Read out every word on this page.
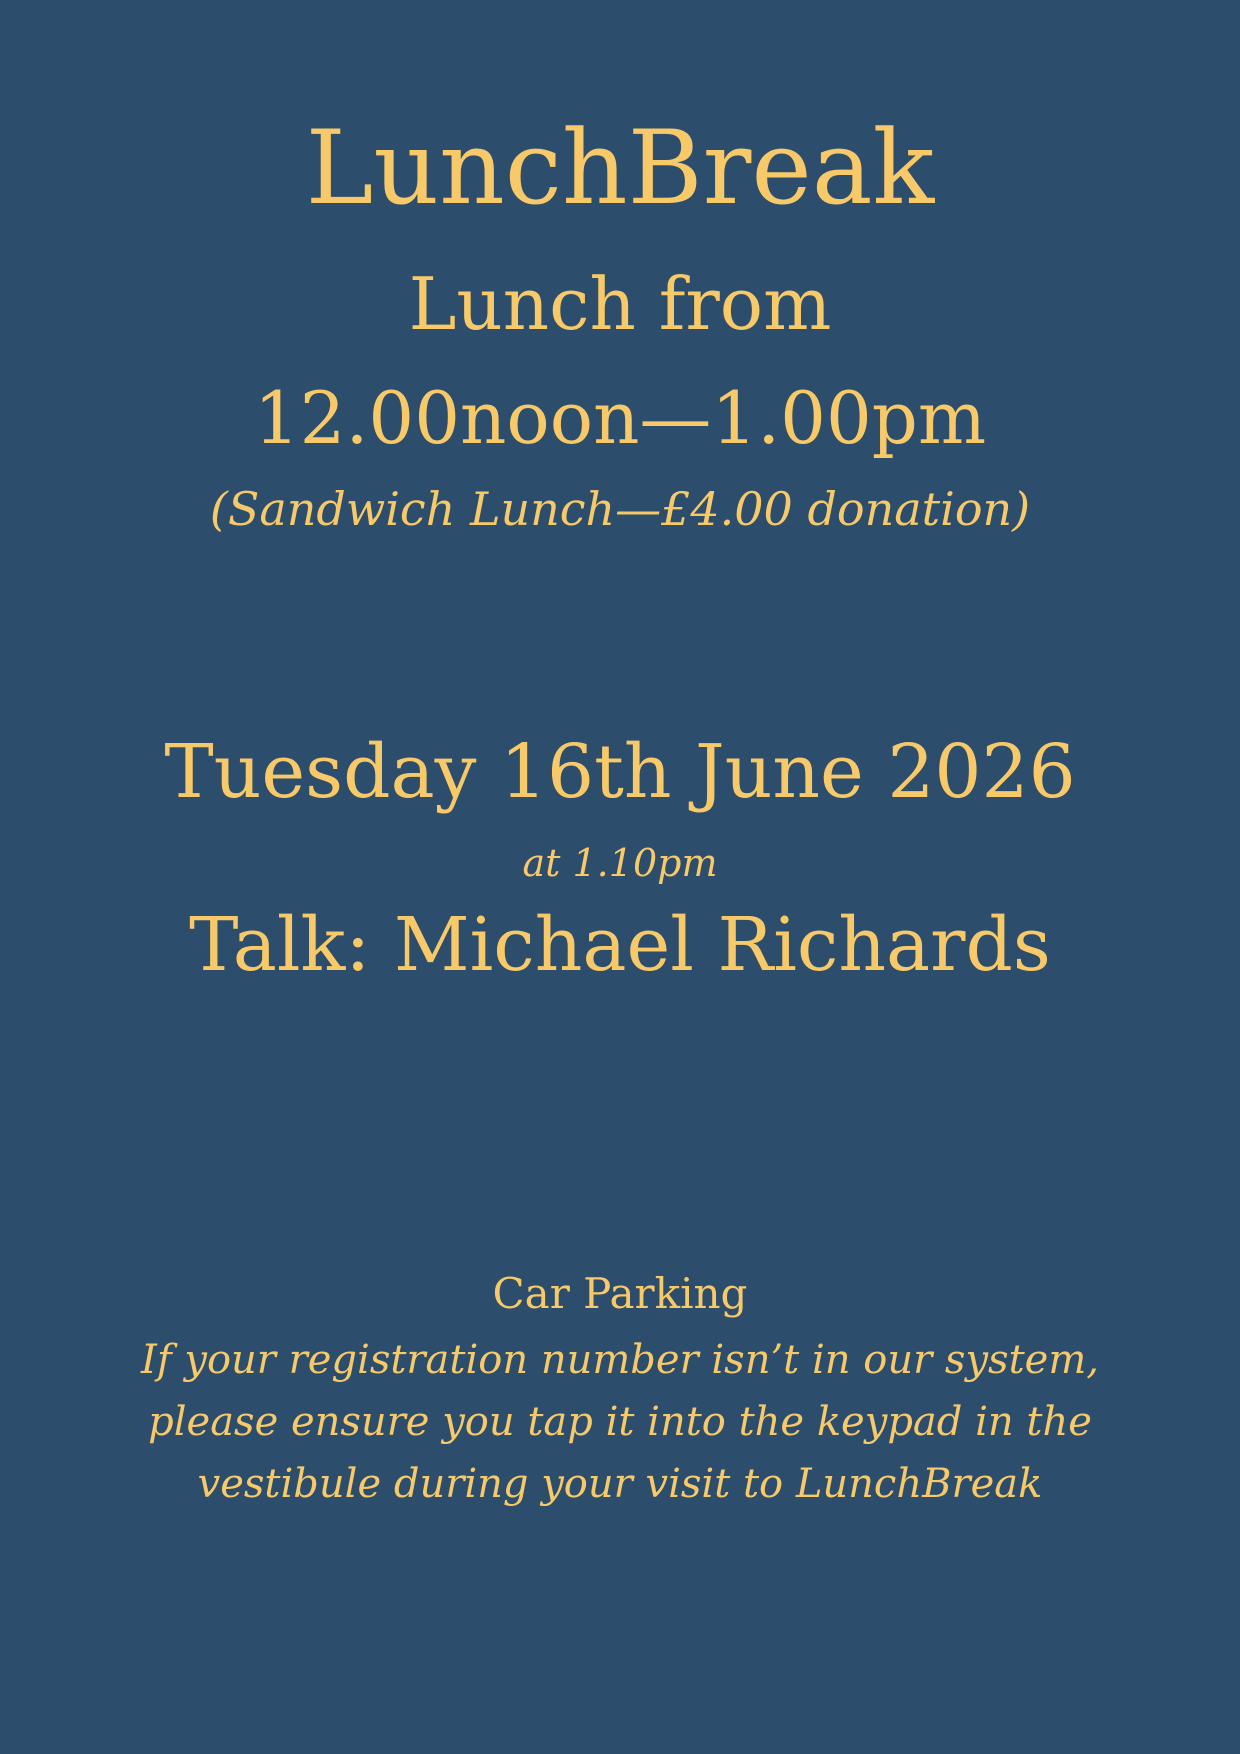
LunchBreak
Lunch from
12.00noon—1.00pm
(Sandwich Lunch—£4.00 donation)
Tuesday 16th June 2026
at 1.10pm
Talk: Michael Richards
Car Parking
If your registration number isn’t in our system,
please ensure you tap it into the keypad in the
vestibule during your visit to LunchBreak
